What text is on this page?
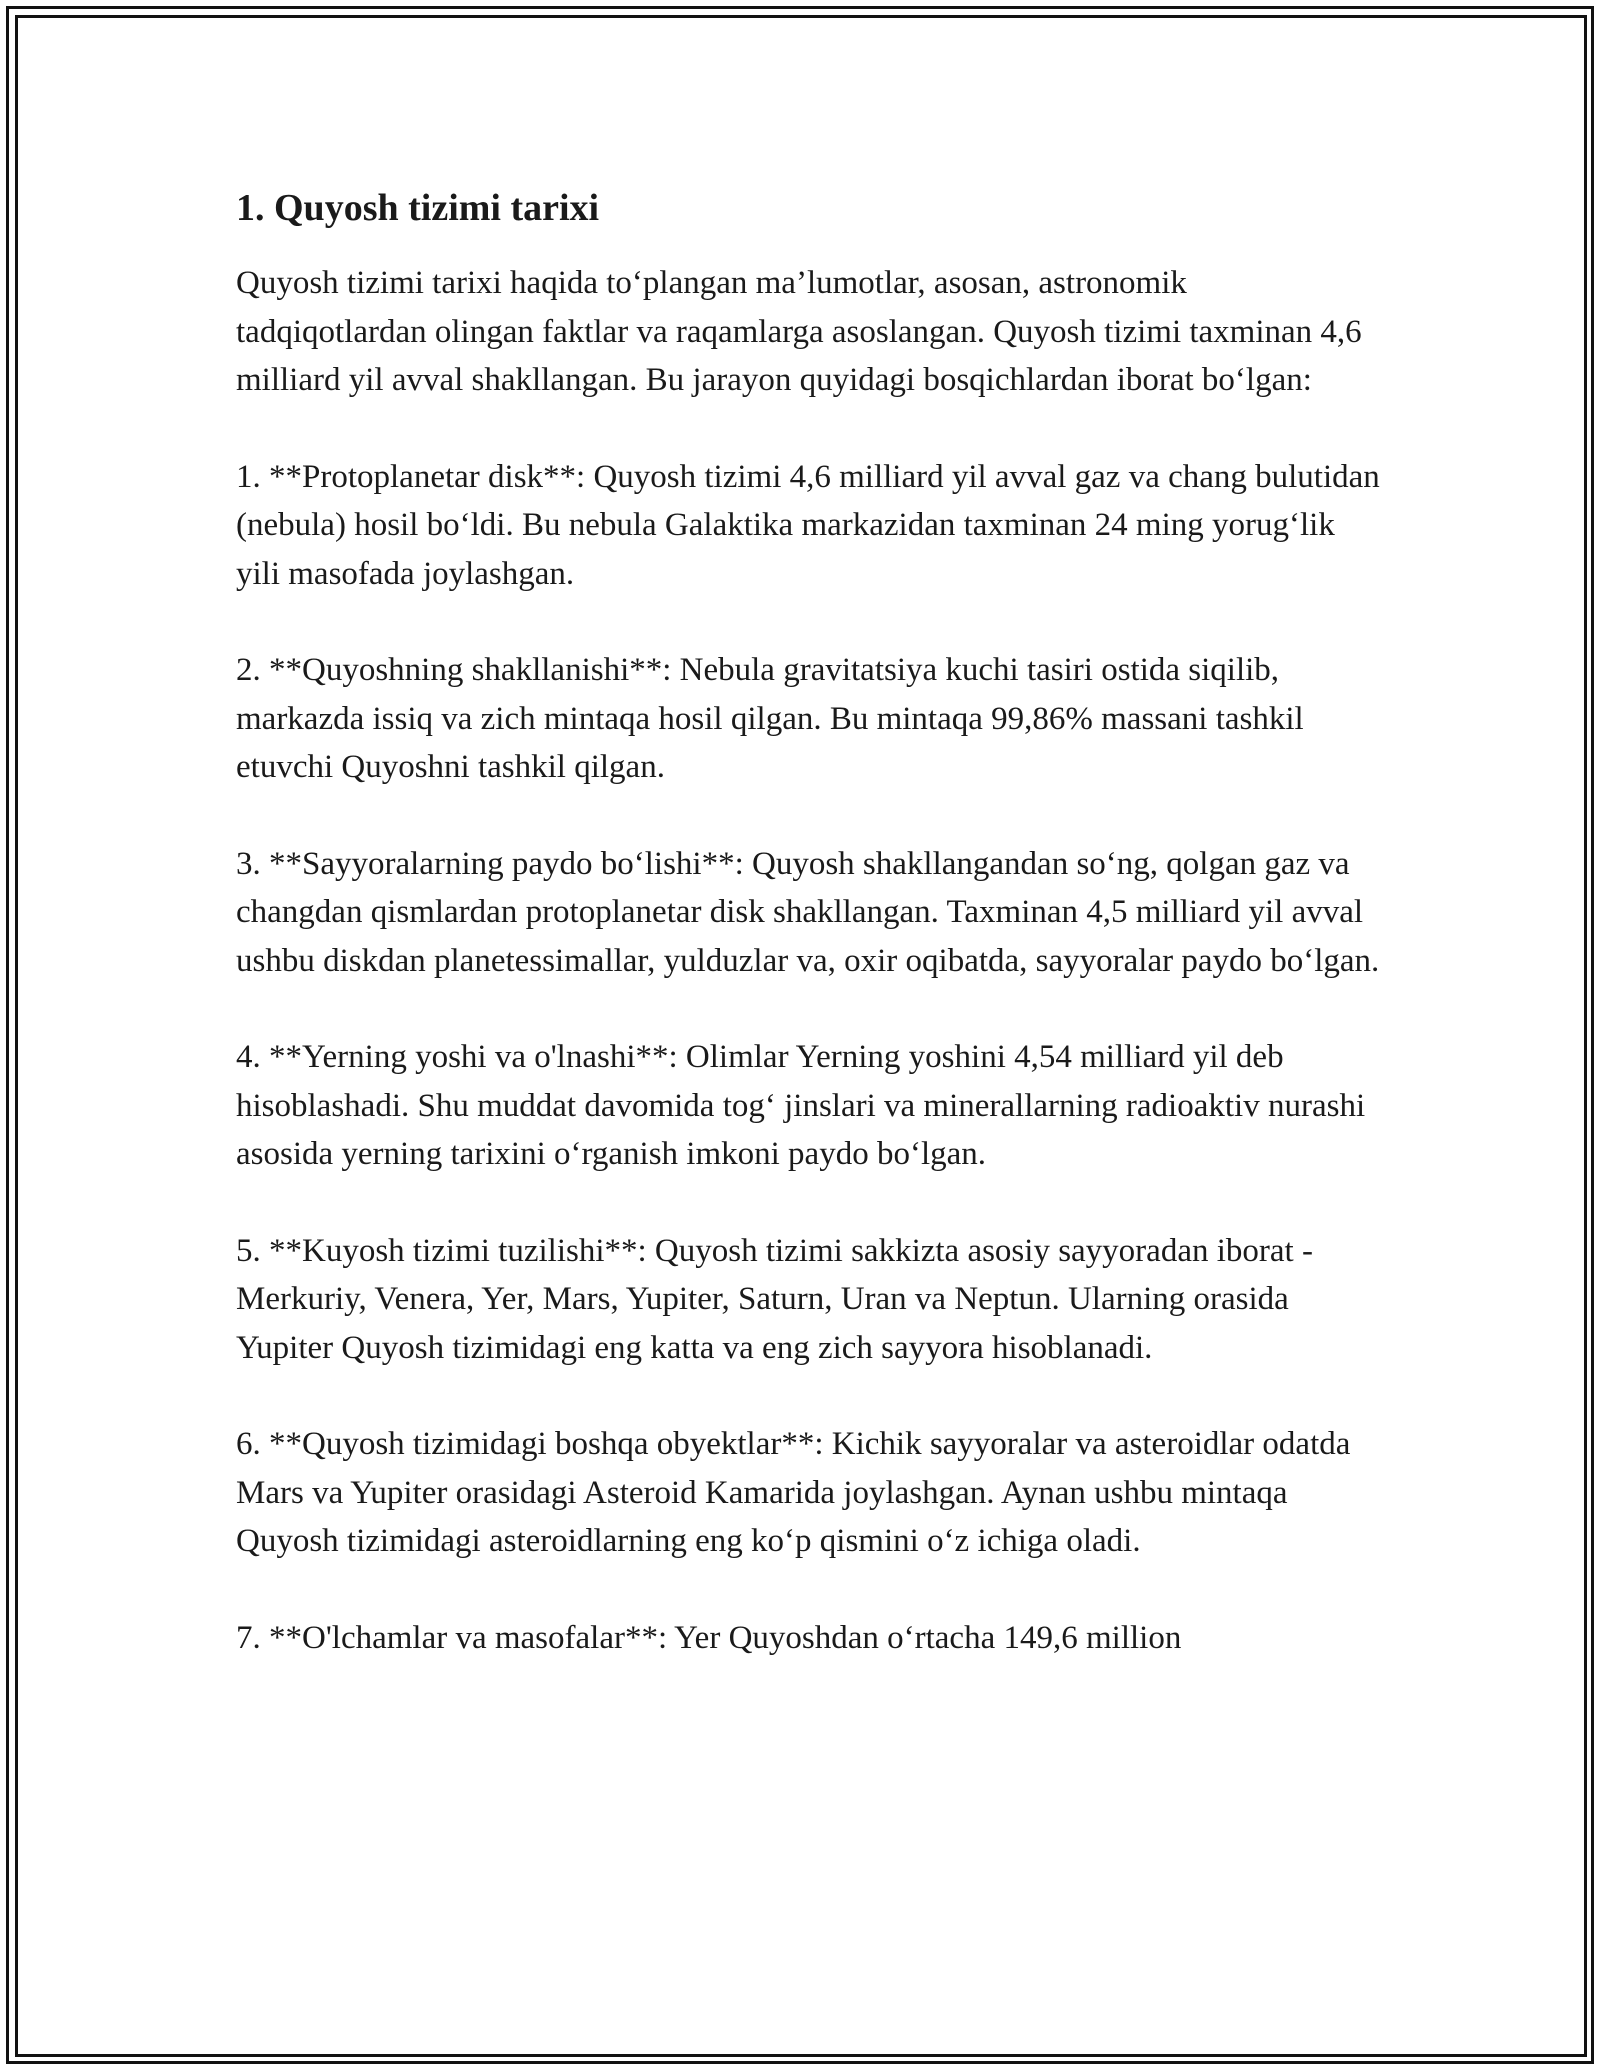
1. Quyosh tizimi tarixi

Quyosh tizimi tarixi haqida to‘plangan ma’lumotlar, asosan, astronomik tadqiqotlardan olingan faktlar va raqamlarga asoslangan. Quyosh tizimi taxminan 4,6 milliard yil avval shakllangan. Bu jarayon quyidagi bosqichlardan iborat bo‘lgan:

1. **Protoplanetar disk**: Quyosh tizimi 4,6 milliard yil avval gaz va chang bulutidan (nebula) hosil bo‘ldi. Bu nebula Galaktika markazidan taxminan 24 ming yorug‘lik yili masofada joylashgan.

2. **Quyoshning shakllanishi**: Nebula gravitatsiya kuchi tasiri ostida siqilib, markazda issiq va zich mintaqa hosil qilgan. Bu mintaqa 99,86% massani tashkil etuvchi Quyoshni tashkil qilgan.

3. **Sayyoralarning paydo bo‘lishi**: Quyosh shakllangandan so‘ng, qolgan gaz va changdan qismlardan protoplanetar disk shakllangan. Taxminan 4,5 milliard yil avval ushbu diskdan planetessimallar, yulduzlar va, oxir oqibatda, sayyoralar paydo bo‘lgan.

4. **Yerning yoshi va o'lnashi**: Olimlar Yerning yoshini 4,54 milliard yil deb hisoblashadi. Shu muddat davomida tog‘ jinslari va minerallarning radioaktiv nurashi asosida yerning tarixini o‘rganish imkoni paydo bo‘lgan.

5. **Kuyosh tizimi tuzilishi**: Quyosh tizimi sakkizta asosiy sayyoradan iborat - Merkuriy, Venera, Yer, Mars, Yupiter, Saturn, Uran va Neptun. Ularning orasida Yupiter Quyosh tizimidagi eng katta va eng zich sayyora hisoblanadi.

6. **Quyosh tizimidagi boshqa obyektlar**: Kichik sayyoralar va asteroidlar odatda Mars va Yupiter orasidagi Asteroid Kamarida joylashgan. Aynan ushbu mintaqa Quyosh tizimidagi asteroidlarning eng ko‘p qismini o‘z ichiga oladi.

7. **O'lchamlar va masofalar**: Yer Quyoshdan o‘rtacha 149,6 million
